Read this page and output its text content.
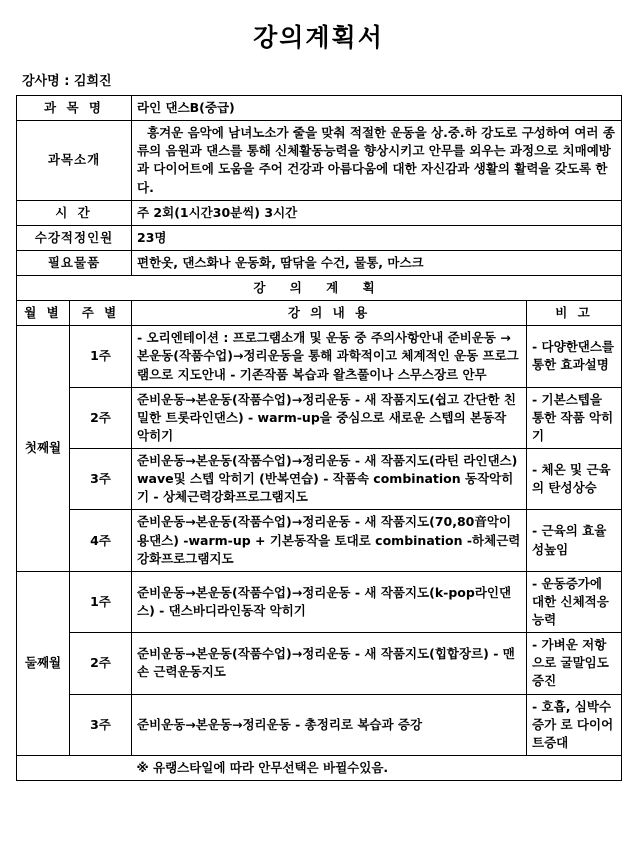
강의계획서
강사명 : 김희진
과 목 명		라인 댄스B(중급)	
과목소개		흥겨운 음악에 남녀노소가 줄을 맞춰 적절한 운동을 상.중.하 강도로 구성하여 여러 종류의 음원과 댄스를 통해 신체활동능력을 향상시키고 안무를 외우는 과정으로 치매예방과 다이어트에 도움을 주어 건강과 아름다움에 대한 자신감과 생활의 활력을 갖도록 한다.	
시 간		주 2회(1시간30분씩) 3시간	
수강적정인원		23명	
필요물품		편한옷, 댄스화나 운동화, 땀닦을 수건, 물통, 마스크	
강 의 계 획			
월 별	주 별	강 의 내 용	비 고
첫째월	1주	- 오리엔테이션 : 프로그램소개 및 운동 중 주의사항안내 준비운동 →본운동(작품수업)→정리운동을 통해 과학적이고 체계적인 운동 프로그램으로 지도안내 - 기존작품 복습과 왈츠풀이나 스무스장르 안무	- 다양한댄스를 통한 효과설명
	2주	준비운동→본운동(작품수업)→정리운동 - 새 작품지도(쉽고 간단한 친밀한 트롯라인댄스) - warm-up을 중심으로 새로운 스텝의 본동작 악히기	- 기본스텝을 통한 작품 악히기
	3주	준비운동→본운동(작품수업)→정리운동 - 새 작품지도(라틴 라인댄스) wave및 스텝 악히기 (반복연습) - 작품속 combination 동작악히기 - 상체근력강화프로그램지도	- 체온 및 근육의 탄성상승
	4주	준비운동→본운동(작품수업)→정리운동 - 새 작품지도(70,80音악이용댄스) -warm-up + 기본동작을 토대로 combination -하체근력강화프로그램지도	- 근육의 효율성높임
둘째월	1주	준비운동→본운동(작품수업)→정리운동 - 새 작품지도(k-pop라인댄스) - 댄스바디라인동작 악히기	- 운동증가에 대한 신체적응능력
	2주	준비운동→본운동(작품수업)→정리운동 - 새 작품지도(힙합장르) - 맨손 근력운동지도	- 가벼운 저항으로 굴말임도증진
	3주	준비운동→본운동→정리운동 - 총정리로 복습과 증강	- 호흡, 심박수증가 로 다이어트증대
		※ 유랭스타일에 따라 안무선택은 바뀔수있음.	
